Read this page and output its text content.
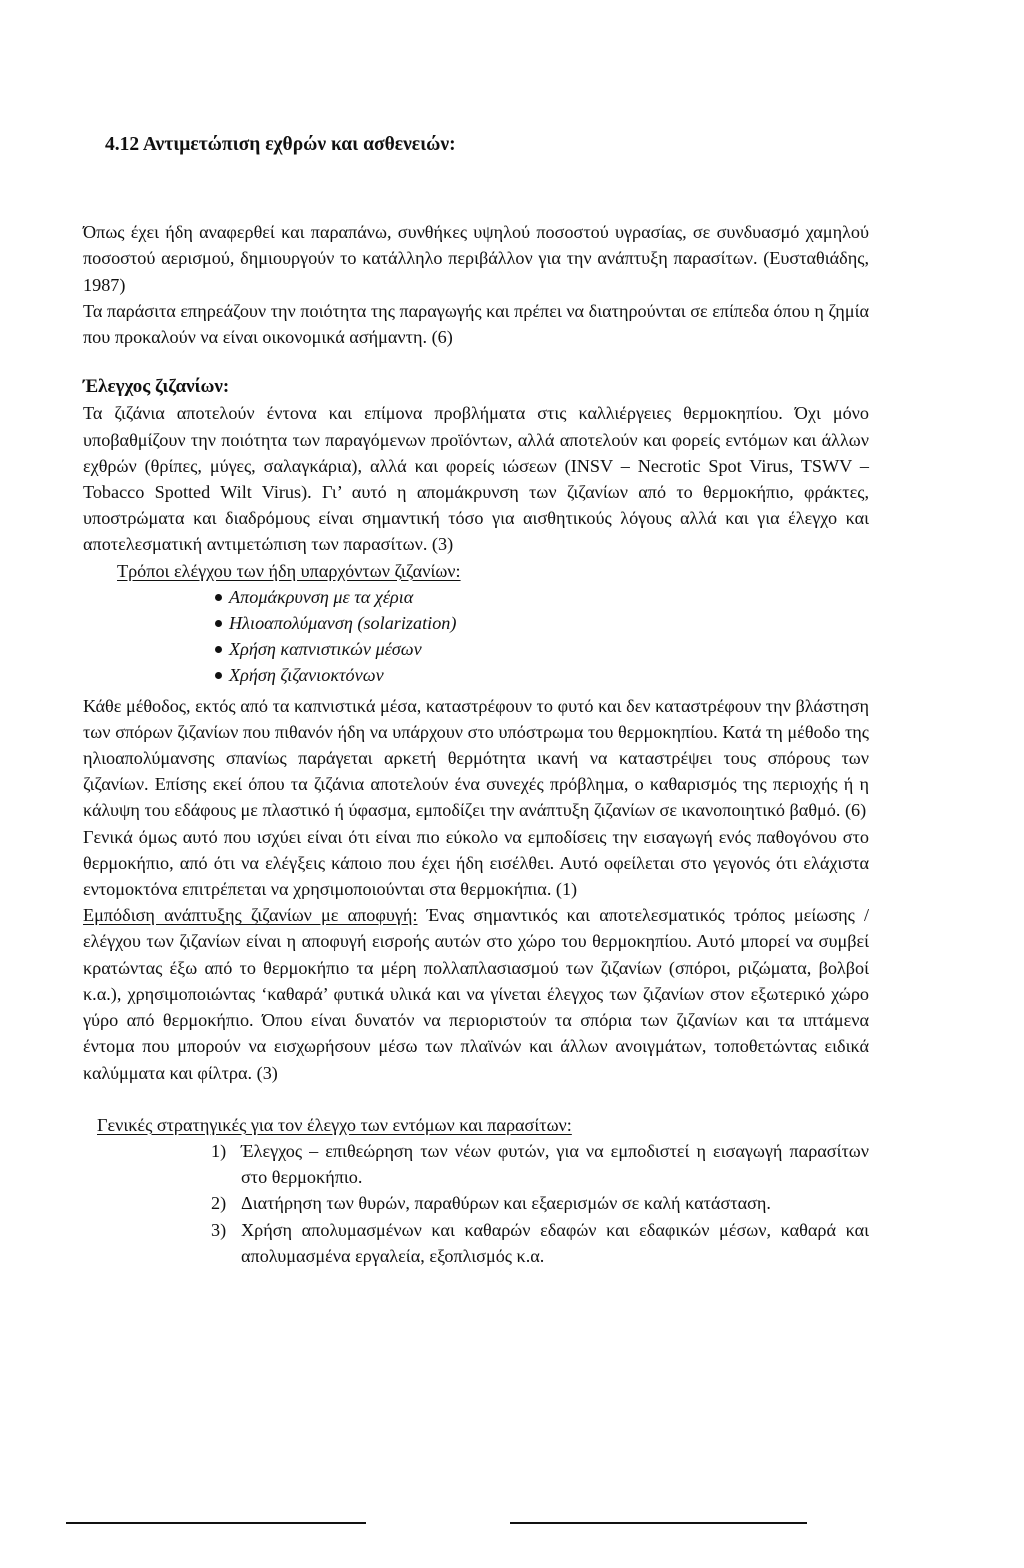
4.12 Αντιμετώπιση εχθρών και ασθενειών:

Όπως έχει ήδη αναφερθεί και παραπάνω, συνθήκες υψηλού ποσοστού υγρασίας, σε συνδυασμό χαμηλού ποσοστού αερισμού, δημιουργούν το κατάλληλο περιβάλλον για την ανάπτυξη παρασίτων. (Ευσταθιάδης, 1987)

Τα παράσιτα επηρεάζουν την ποιότητα της παραγωγής και πρέπει να διατηρούνται σε επίπεδα όπου η ζημία που προκαλούν να είναι οικονομικά ασήμαντη. (6)

Έλεγχος ζιζανίων:

Τα ζιζάνια αποτελούν έντονα και επίμονα προβλήματα στις καλλιέργειες θερμοκηπίου. Όχι μόνο υποβαθμίζουν την ποιότητα των παραγόμενων προϊόντων, αλλά αποτελούν και φορείς εντόμων και άλλων εχθρών (θρίπες, μύγες, σαλαγκάρια), αλλά και φορείς ιώσεων (INSV – Necrotic Spot Virus, TSWV – Tobacco Spotted Wilt Virus). Γι’ αυτό η απομάκρυνση των ζιζανίων από το θερμοκήπιο, φράκτες, υποστρώματα και διαδρόμους είναι σημαντική τόσο για αισθητικούς λόγους αλλά και για έλεγχο και αποτελεσματική αντιμετώπιση των παρασίτων. (3)

Τρόποι ελέγχου των ήδη υπαρχόντων ζιζανίων:
Απομάκρυνση με τα χέρια
Ηλιοαπολύμανση (solarization)
Χρήση καπνιστικών μέσων
Χρήση ζιζανιοκτόνων

Κάθε μέθοδος, εκτός από τα καπνιστικά μέσα, καταστρέφουν το φυτό και δεν καταστρέφουν την βλάστηση των σπόρων ζιζανίων που πιθανόν ήδη να υπάρχουν στο υπόστρωμα του θερμοκηπίου. Κατά τη μέθοδο της ηλιοαπολύμανσης σπανίως παράγεται αρκετή θερμότητα ικανή να καταστρέψει τους σπόρους των ζιζανίων. Επίσης εκεί όπου τα ζιζάνια αποτελούν ένα συνεχές πρόβλημα, ο καθαρισμός της περιοχής ή η κάλυψη του εδάφους με πλαστικό ή ύφασμα, εμποδίζει την ανάπτυξη ζιζανίων σε ικανοποιητικό βαθμό. (6)

Γενικά όμως αυτό που ισχύει είναι ότι είναι πιο εύκολο να εμποδίσεις την εισαγωγή ενός παθογόνου στο θερμοκήπιο, από ότι να ελέγξεις κάποιο που έχει ήδη εισέλθει. Αυτό οφείλεται στο γεγονός ότι ελάχιστα εντομοκτόνα επιτρέπεται να χρησιμοποιούνται στα θερμοκήπια. (1)

Εμπόδιση ανάπτυξης ζιζανίων με αποφυγή: Ένας σημαντικός και αποτελεσματικός τρόπος μείωσης / ελέγχου των ζιζανίων είναι η αποφυγή εισροής αυτών στο χώρο του θερμοκηπίου. Αυτό μπορεί να συμβεί κρατώντας έξω από το θερμοκήπιο τα μέρη πολλαπλασιασμού των ζιζανίων (σπόροι, ριζώματα, βολβοί κ.α.), χρησιμοποιώντας ‘καθαρά’ φυτικά υλικά και να γίνεται έλεγχος των ζιζανίων στον εξωτερικό χώρο γύρο από θερμοκήπιο. Όπου είναι δυνατόν να περιοριστούν τα σπόρια των ζιζανίων και τα ιπτάμενα έντομα που μπορούν να εισχωρήσουν μέσω των πλαϊνών και άλλων ανοιγμάτων, τοποθετώντας ειδικά καλύμματα και φίλτρα. (3)

Γενικές στρατηγικές για τον έλεγχο των εντόμων και παρασίτων:
1) Έλεγχος – επιθεώρηση των νέων φυτών, για να εμποδιστεί η εισαγωγή παρασίτων στο θερμοκήπιο.
2) Διατήρηση των θυρών, παραθύρων και εξαερισμών σε καλή κατάσταση.
3) Χρήση απολυμασμένων και καθαρών εδαφών και εδαφικών μέσων, καθαρά και απολυμασμένα εργαλεία, εξοπλισμός κ.α.
